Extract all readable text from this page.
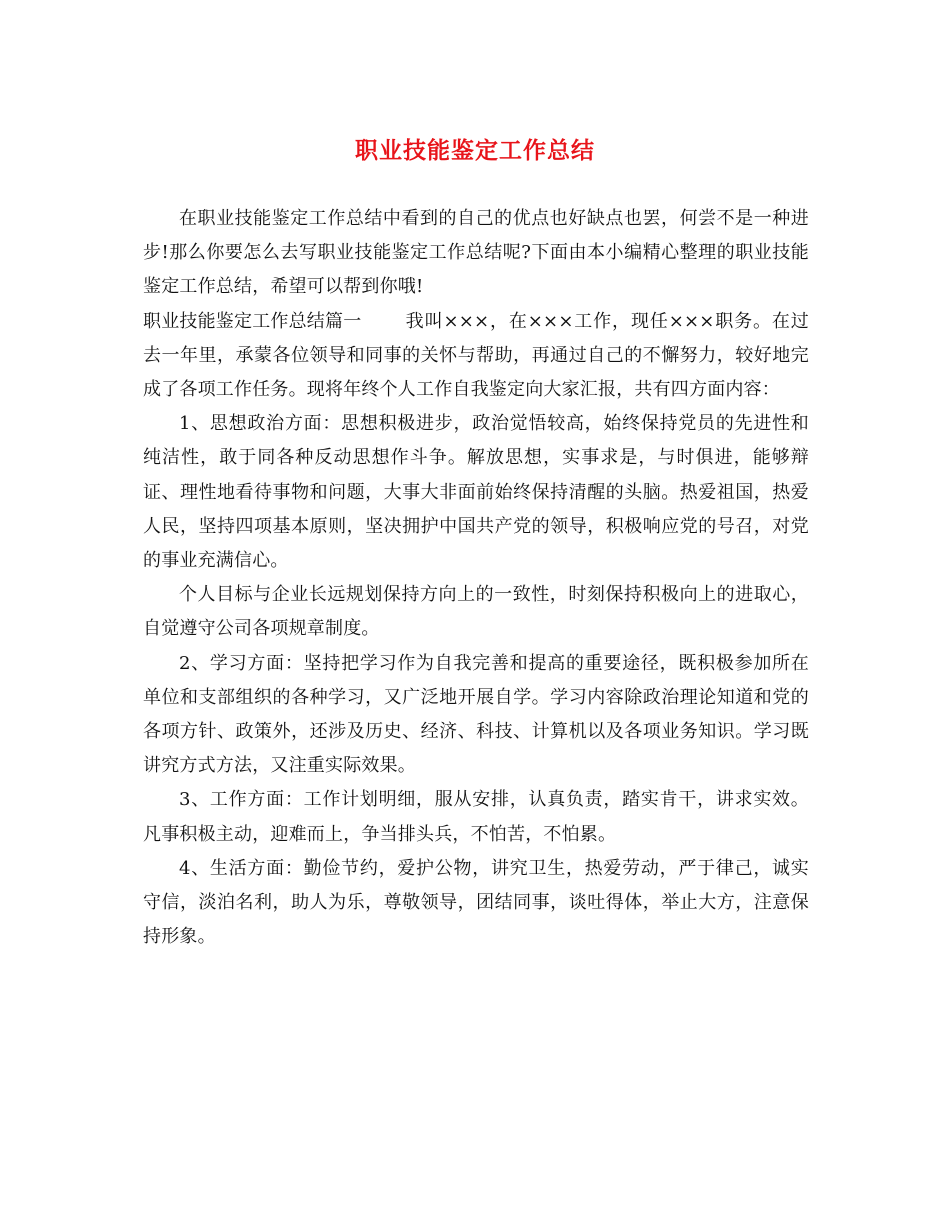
职业技能鉴定工作总结

在职业技能鉴定工作总结中看到的自己的优点也好缺点也罢，何尝不是一种进步!那么你要怎么去写职业技能鉴定工作总结呢?下面由本小编精心整理的职业技能鉴定工作总结，希望可以帮到你哦!

职业技能鉴定工作总结篇一 我叫×××，在×××工作，现任×××职务。在过去一年里，承蒙各位领导和同事的关怀与帮助，再通过自己的不懈努力，较好地完成了各项工作任务。现将年终个人工作自我鉴定向大家汇报，共有四方面内容：

1、思想政治方面：思想积极进步，政治觉悟较高，始终保持党员的先进性和纯洁性，敢于同各种反动思想作斗争。解放思想，实事求是，与时俱进，能够辩证、理性地看待事物和问题，大事大非面前始终保持清醒的头脑。热爱祖国，热爱人民，坚持四项基本原则，坚决拥护中国共产党的领导，积极响应党的号召，对党的事业充满信心。

个人目标与企业长远规划保持方向上的一致性，时刻保持积极向上的进取心，自觉遵守公司各项规章制度。

2、学习方面：坚持把学习作为自我完善和提高的重要途径，既积极参加所在单位和支部组织的各种学习，又广泛地开展自学。学习内容除政治理论知道和党的各项方针、政策外，还涉及历史、经济、科技、计算机以及各项业务知识。学习既讲究方式方法，又注重实际效果。

3、工作方面：工作计划明细，服从安排，认真负责，踏实肯干，讲求实效。凡事积极主动，迎难而上，争当排头兵，不怕苦，不怕累。

4、生活方面：勤俭节约，爱护公物，讲究卫生，热爱劳动，严于律己，诚实守信，淡泊名利，助人为乐，尊敬领导，团结同事，谈吐得体，举止大方，注意保持形象。
